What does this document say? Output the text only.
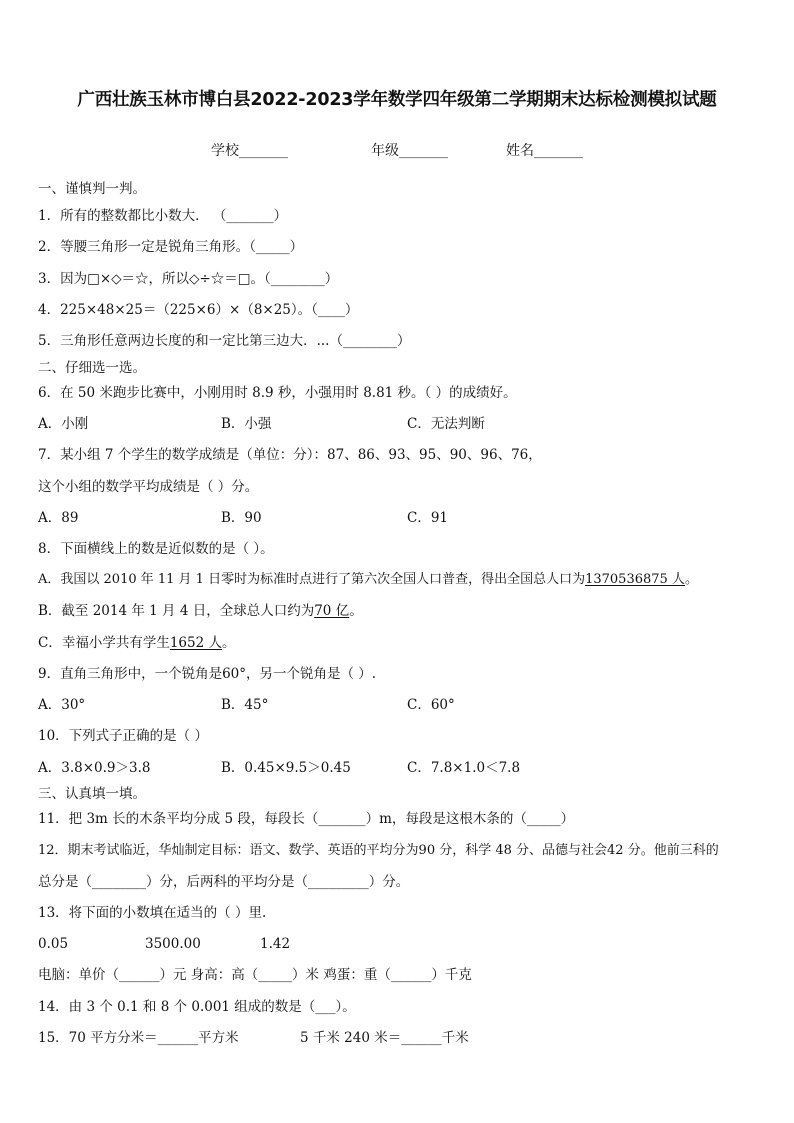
广西壮族玉林市博白县2022-2023学年数学四年级第二学期期末达标检测模拟试题
学校_______	年级_______	姓名_______
一、谨慎判一判。
1．所有的整数都比小数大． （_______）
2．等腰三角形一定是锐角三角形。（_____）
3．因为□×◇＝☆，所以◇÷☆＝□。（________）
4．225×48×25＝（225×6）×（8×25）。（____）
5．三角形任意两边长度的和一定比第三边大．...（________）
二、仔细选一选。
6．在 50 米跑步比赛中，小刚用时 8.9 秒，小强用时 8.81 秒。（ ）的成绩好。
A．小刚	B．小强	C．无法判断
7．某小组 7 个学生的数学成绩是（单位：分）：87、86、93、95、90、96、76，
这个小组的数学平均成绩是（ ）分。
A．89	B．90	C．91
8．下面横线上的数是近似数的是（ ）。
A．我国以 2010 年 11 月 1 日零时为标准时点进行了第六次全国人口普查，得出全国总人口为1370536875 人。
B．截至 2014 年 1 月 4 日，全球总人口约为70 亿。
C．幸福小学共有学生1652 人。
9．直角三角形中，一个锐角是60°，另一个锐角是（ ）.
A．30°	B．45°	C．60°
10．下列式子正确的是（ ）
A．3.8×0.9＞3.8	B．0.45×9.5＞0.45	C．7.8×1.0＜7.8
三、认真填一填。
11．把 3m 长的木条平均分成 5 段，每段长（_______）m，每段是这根木条的（_____）
12．期末考试临近，华灿制定目标：语文、数学、英语的平均分为90 分，科学 48 分、品德与社会42 分。他前三科的
总分是（________）分，后两科的平均分是（_________）分。
13．将下面的小数填在适当的（ ）里.
0.05	3500.00	1.42
电脑：单价（______）元 身高：高（_____）米 鸡蛋：重（______）千克
14．由 3 个 0.1 和 8 个 0.001 组成的数是（___）。
15．70 平方分米＝______平方米	5 千米 240 米＝______千米
